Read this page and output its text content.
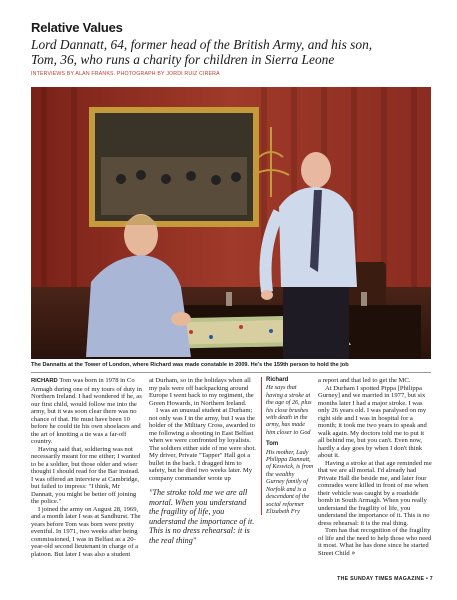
Relative Values
Lord Dannatt, 64, former head of the British Army, and his son,
Tom, 36, who runs a charity for children in Sierra Leone
INTERVIEWS BY ALAN FRANKS. PHOTOGRAPH BY JORDI RUIZ CIRERA
The Dannatts at the Tower of London, where Richard was made constable in 2009. He's the 159th person to hold the job

RICHARD Tom was born in 1978 in Co Armagh during one of my tours of duty in Northern Ireland. I had wondered if he, as our first child, would follow me into the army, but it was soon clear there was no chance of that. He must have been 10 before he could tie his own shoelaces and the art of knotting a tie was a far-off country.

Having said that, soldiering was not necessarily meant for me either; I wanted to be a soldier, but those older and wiser thought I should read for the Bar instead. I was offered an interview at Cambridge, but failed to impress: "I think, Mr Dannatt, you might be better off joining the police."

I joined the army on August 28, 1969, and a month later I was at Sandhurst. The years before Tom was born were pretty eventful. In 1971, two weeks after being commissioned, I was in Belfast as a 20-year-old second lieutenant in charge of a platoon. But later I was also a student

at Durham, so in the holidays when all my pals were off backpacking around Europe I went back to my regiment, the Green Howards, in Northern Ireland.

I was an unusual student at Durham; not only was I in the army, but I was the holder of the Military Cross, awarded to me following a shooting in East Belfast when we were confronted by loyalists. The soldiers either side of me were shot. My driver, Private "Tapper" Hall got a bullet in the back. I dragged him to safety, but he died two weeks later. My company commander wrote up

"The stroke told me we are all mortal. When you understand the fragility of life, you understand the importance of it. This is no dress rehearsal: it is the real thing"
Richard
He says that having a stroke at the age of 26, plus his close brushes with death in the army, has made him closer to God
Tom
His mother, Lady Philippa Dannatt, of Keswick, is from the wealthy Gurney family of Norfolk and is a descendant of the social reformer Elizabeth Fry

a report and that led to get the MC.

At Durham I spotted Pippa [Philippa Gurney] and we married in 1977, but six months later I had a major stroke. I was only 26 years old. I was paralysed on my right side and I was in hospital for a month; it took me two years to speak and walk again. My doctors told me to put it all behind me, but you can't. Even now, hardly a day goes by when I don't think about it.

Having a stroke at that age reminded me that we are all mortal. I'd already had Private Hall die beside me, and later four comrades were killed in front of me when their vehicle was caught by a roadside bomb in South Armagh. When you really understand the fragility of life, you understand the importance of it. This is no dress rehearsal: it is the real thing.

Tom has that recognition of the fragility of life and the need to help those who need it most. What he has done since he started Street Child »

THE SUNDAY TIMES MAGAZINE • 7
